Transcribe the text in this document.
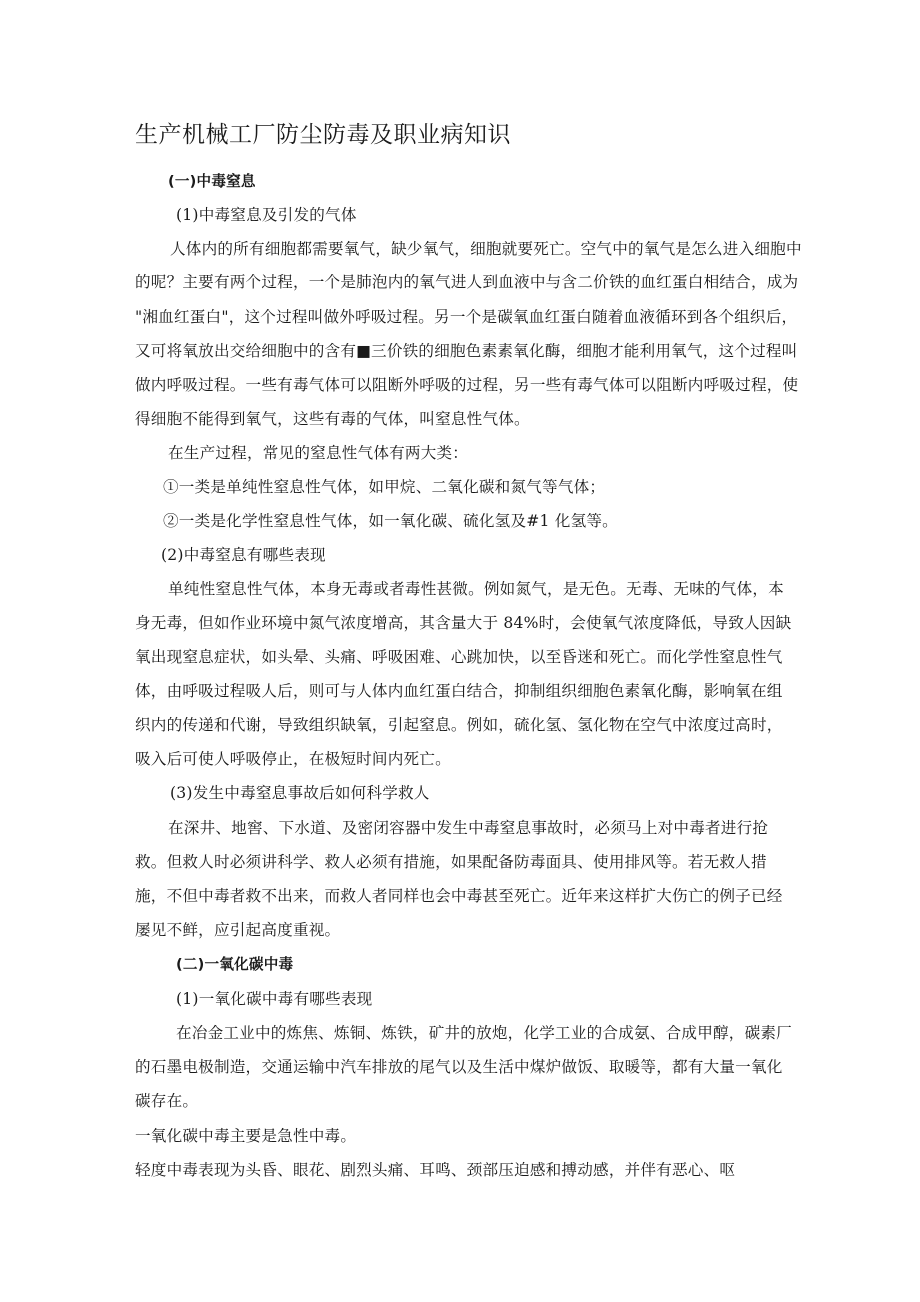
生产机械工厂防尘防毒及职业病知识
(一)中毒窒息
(1)中毒窒息及引发的气体
人体内的所有细胞都需要氧气，缺少氧气，细胞就要死亡。空气中的氧气是怎么进入细胞中
的呢？主要有两个过程，一个是肺泡内的氧气进人到血液中与含二价铁的血红蛋白相结合，成为
"湘血红蛋白"，这个过程叫做外呼吸过程。另一个是碳氧血红蛋白随着血液循环到各个组织后，
又可将氧放出交给细胞中的含有■三价铁的细胞色素素氧化酶，细胞才能利用氧气，这个过程叫
做内呼吸过程。一些有毒气体可以阻断外呼吸的过程，另一些有毒气体可以阻断内呼吸过程，使
得细胞不能得到氧气，这些有毒的气体，叫窒息性气体。
在生产过程，常见的窒息性气体有两大类：
①一类是单纯性窒息性气体，如甲烷、二氧化碳和氮气等气体；
②一类是化学性窒息性气体，如一氧化碳、硫化氢及#1 化氢等。
(2)中毒窒息有哪些表现
单纯性窒息性气体，本身无毒或者毒性甚微。例如氮气，是无色。无毒、无味的气体，本
身无毒，但如作业环境中氮气浓度增高，其含量大于 84%时，会使氧气浓度降低，导致人因缺
氧出现窒息症状，如头晕、头痛、呼吸困难、心跳加快，以至昏迷和死亡。而化学性窒息性气
体，由呼吸过程吸人后，则可与人体内血红蛋白结合，抑制组织细胞色素氧化酶，影响氧在组
织内的传递和代谢，导致组织缺氧，引起窒息。例如，硫化氢、氢化物在空气中浓度过高时，
吸入后可使人呼吸停止，在极短时间内死亡。
(3)发生中毒窒息事故后如何科学救人
在深井、地窖、下水道、及密闭容器中发生中毒窒息事故时，必须马上对中毒者进行抢
救。但救人时必须讲科学、救人必须有措施，如果配备防毒面具、使用排风等。若无救人措
施，不但中毒者救不出来，而救人者同样也会中毒甚至死亡。近年来这样扩大伤亡的例子已经
屡见不鲜，应引起高度重视。
(二)一氧化碳中毒
(1)一氧化碳中毒有哪些表现
在冶金工业中的炼焦、炼铜、炼铁，矿井的放炮，化学工业的合成氨、合成甲醇，碳素厂
的石墨电极制造，交通运输中汽车排放的尾气以及生活中煤炉做饭、取暖等，都有大量一氧化
碳存在。
一氧化碳中毒主要是急性中毒。
轻度中毒表现为头昏、眼花、剧烈头痛、耳鸣、颈部压迫感和搏动感，并伴有恶心、呕
